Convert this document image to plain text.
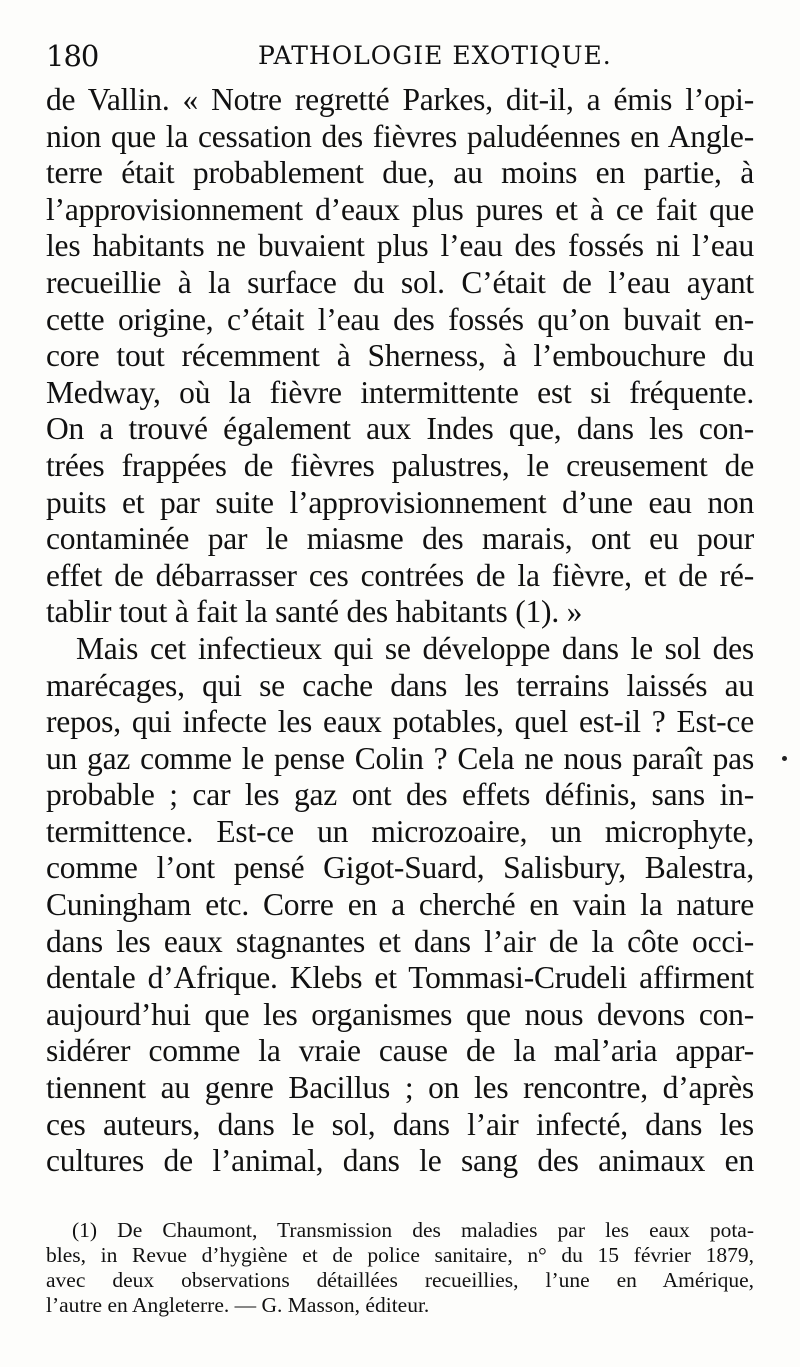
180	PATHOLOGIE EXOTIQUE.
de Vallin. « Notre regretté Parkes, dit-il, a émis l’opi-
nion que la cessation des fièvres paludéennes en Angle-
terre était probablement due, au moins en partie, à
l’approvisionnement d’eaux plus pures et à ce fait que
les habitants ne buvaient plus l’eau des fossés ni l’eau
recueillie à la surface du sol. C’était de l’eau ayant
cette origine, c’était l’eau des fossés qu’on buvait en-
core tout récemment à Sherness, à l’embouchure du
Medway, où la fièvre intermittente est si fréquente.
On a trouvé également aux Indes que, dans les con-
trées frappées de fièvres palustres, le creusement de
puits et par suite l’approvisionnement d’une eau non
contaminée par le miasme des marais, ont eu pour
effet de débarrasser ces contrées de la fièvre, et de ré-
tablir tout à fait la santé des habitants (1). »
Mais cet infectieux qui se développe dans le sol des
marécages, qui se cache dans les terrains laissés au
repos, qui infecte les eaux potables, quel est-il ? Est-ce
un gaz comme le pense Colin ? Cela ne nous paraît pas
probable ; car les gaz ont des effets définis, sans in-
termittence. Est-ce un microzoaire, un microphyte,
comme l’ont pensé Gigot-Suard, Salisbury, Balestra,
Cuningham etc. Corre en a cherché en vain la nature
dans les eaux stagnantes et dans l’air de la côte occi-
dentale d’Afrique. Klebs et Tommasi-Crudeli affirment
aujourd’hui que les organismes que nous devons con-
sidérer comme la vraie cause de la mal’aria appar-
tiennent au genre Bacillus ; on les rencontre, d’après
ces auteurs, dans le sol, dans l’air infecté, dans les
cultures de l’animal, dans le sang des animaux en
(1) De Chaumont, Transmission des maladies par les eaux pota-
bles, in Revue d’hygiène et de police sanitaire, n° du 15 février 1879,
avec deux observations détaillées recueillies, l’une en Amérique,
l’autre en Angleterre. — G. Masson, éditeur.
